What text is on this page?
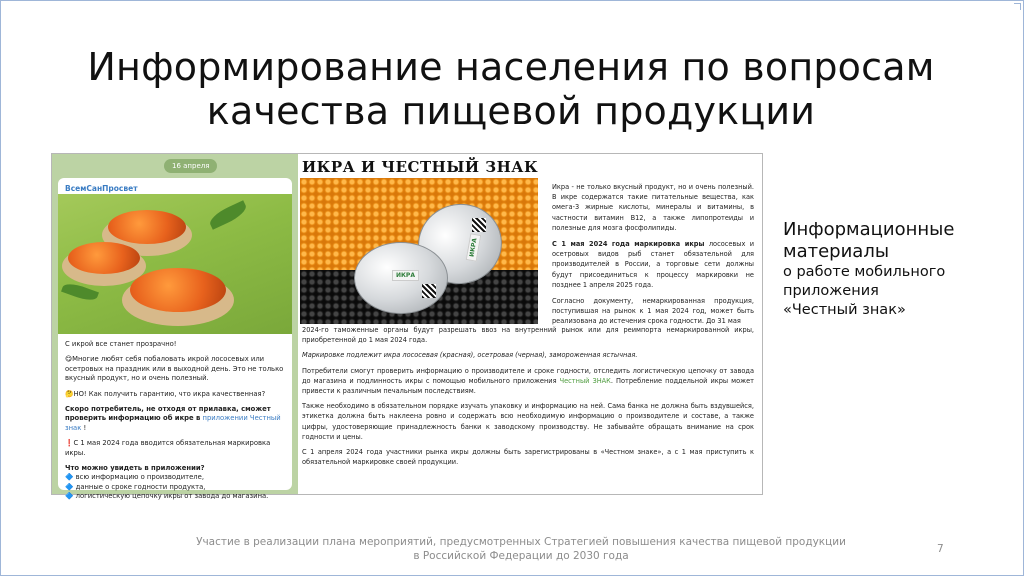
Информирование населения по вопросам качества пищевой продукции
16 апреля
ВсемСанПросвет

С икрой все станет прозрачно!

😋Многие любят себя побаловать икрой лососевых или осетровых на праздник или в выходной день. Это не только вкусный продукт, но и очень полезный.

🤔НО! Как получить гарантию, что икра качественная?

Скоро потребитель, не отходя от прилавка, сможет проверить информацию об икре в приложении Честный знак !

❗С 1 мая 2024 года вводится обязательная маркировка икры.

Что можно увидеть в приложении?

🔷 всю информацию о производителе,
🔷 данные о сроке годности продукта,
🔷 логистическую цепочку икры от завода до магазина.
ИКРА И ЧЕСТНЫЙ ЗНАК
ИКРА
ИКРА

Икра - не только вкусный продукт, но и очень полезный. В икре содержатся такие питательные вещества, как омега-3 жирные кислоты, минералы и витамины, в частности витамин B12, а также липопротеиды и полезные для мозга фосфолипиды.

С 1 мая 2024 года маркировка икры лососевых и осетровых видов рыб станет обязательной для производителей в России, а торговые сети должны будут присоединиться к процессу маркировки не позднее 1 апреля 2025 года.

Согласно документу, немаркированная продукция, поступившая на рынок к 1 мая 2024 год, может быть реализована до истечения срока годности. До 31 мая

2024-го таможенные органы будут разрешать ввоз на внутренний рынок или для реимпорта немаркированной икры, приобретенной до 1 мая 2024 года.

Маркировке подлежит икра лососевая (красная), осетровая (черная), замороженная ястычная.

Потребители смогут проверить информацию о производителе и сроке годности, отследить логистическую цепочку от завода до магазина и подлинность икры с помощью мобильного приложения Честный ЗНАК. Потребление поддельной икры может привести к различным печальным последствиям.

Также необходимо в обязательном порядке изучать упаковку и информацию на ней. Сама банка не должна быть вздувшейся, этикетка должна быть наклеена ровно и содержать всю необходимую информацию о производителе и составе, а также цифры, удостоверяющие принадлежность банки к заводскому производству. Не забывайте обращать внимание на срок годности и цены.

С 1 апреля 2024 года участники рынка икры должны быть зарегистрированы в «Честном знаке», а с 1 мая приступить к обязательной маркировке своей продукции.

Информационные
материалы
о работе мобильного
приложения
«Честный знак»
Участие в реализации плана мероприятий, предусмотренных Стратегией повышения качества пищевой продукции
в Российской Федерации до 2030 года
7
